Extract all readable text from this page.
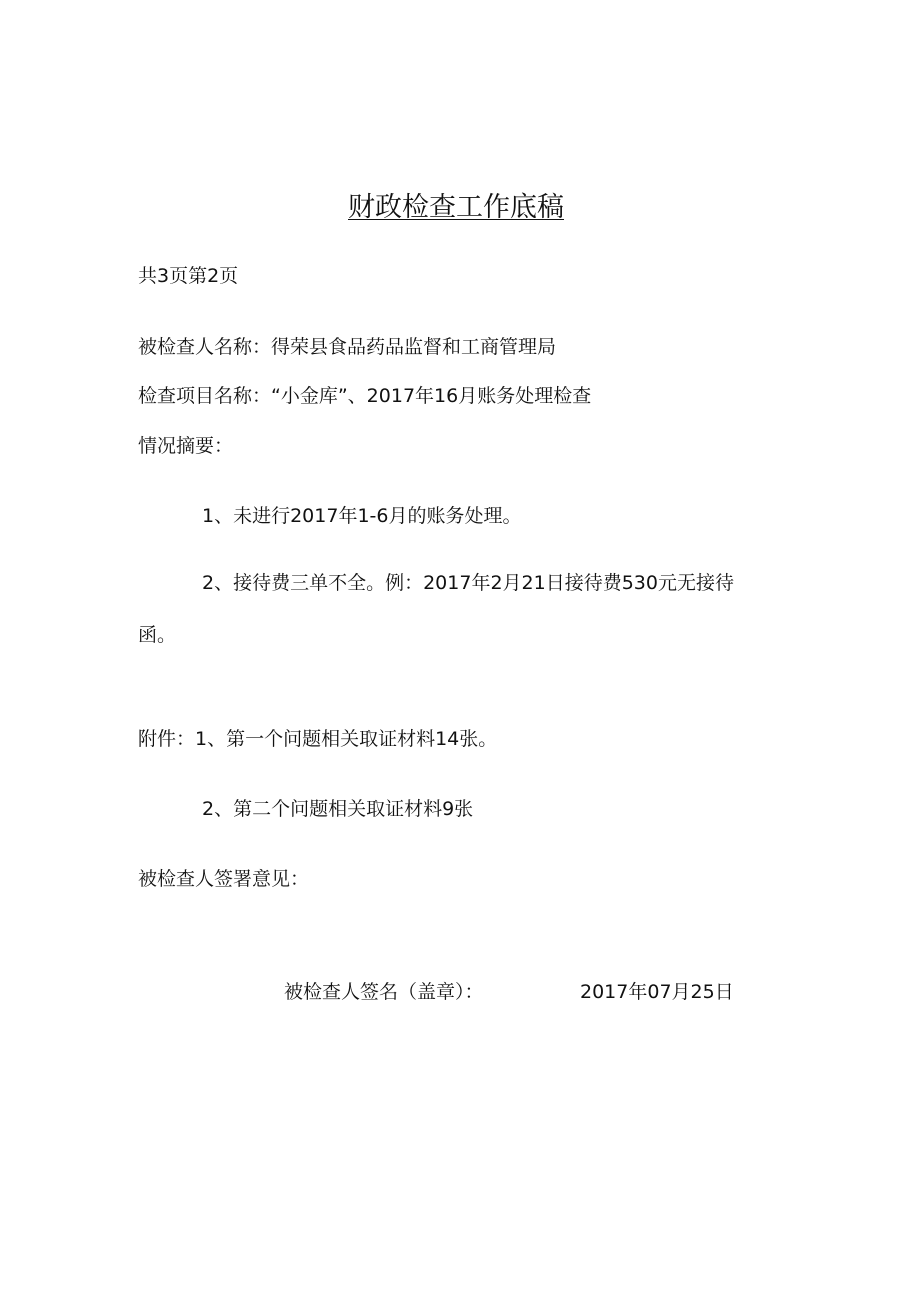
财政检查工作底稿
共3页第2页
被检查人名称：得荣县食品药品监督和工商管理局
检查项目名称：“小金库”、2017年16月账务处理检查
情况摘要：
1、未进行2017年1-6月的账务处理。
2、接待费三单不全。例：2017年2月21日接待费530元无接待
函。
附件：1、第一个问题相关取证材料14张。
2、第二个问题相关取证材料9张
被检查人签署意见：
被检查人签名（盖章）：	2017年07月25日
